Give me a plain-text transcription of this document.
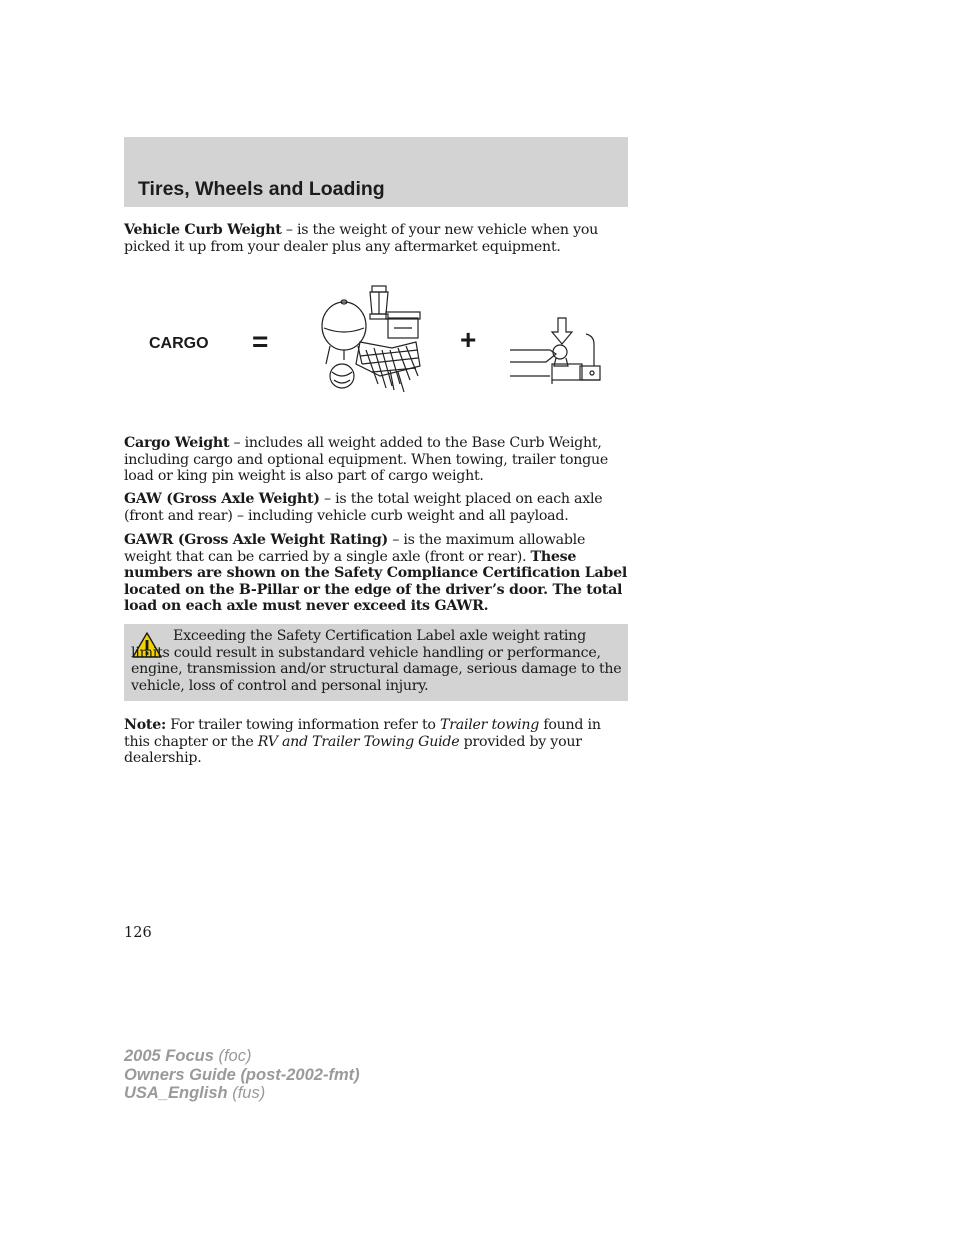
Tires, Wheels and Loading

Vehicle Curb Weight – is the weight of your new vehicle when you picked it up from your dealer plus any aftermarket equipment.

CARGO =	+

Cargo Weight – includes all weight added to the Base Curb Weight, including cargo and optional equipment. When towing, trailer tongue load or king pin weight is also part of cargo weight.

GAW (Gross Axle Weight) – is the total weight placed on each axle (front and rear) – including vehicle curb weight and all payload.

GAWR (Gross Axle Weight Rating) – is the maximum allowable weight that can be carried by a single axle (front or rear). These numbers are shown on the Safety Compliance Certification Label located on the B-Pillar or the edge of the driver’s door. The total load on each axle must never exceed its GAWR.

Exceeding the Safety Certification Label axle weight rating limits could result in substandard vehicle handling or performance, engine, transmission and/or structural damage, serious damage to the vehicle, loss of control and personal injury.

Note: For trailer towing information refer to Trailer towing found in this chapter or the RV and Trailer Towing Guide provided by your dealership.

126
2005 Focus (foc)
Owners Guide (post-2002-fmt)
USA_English (fus)
